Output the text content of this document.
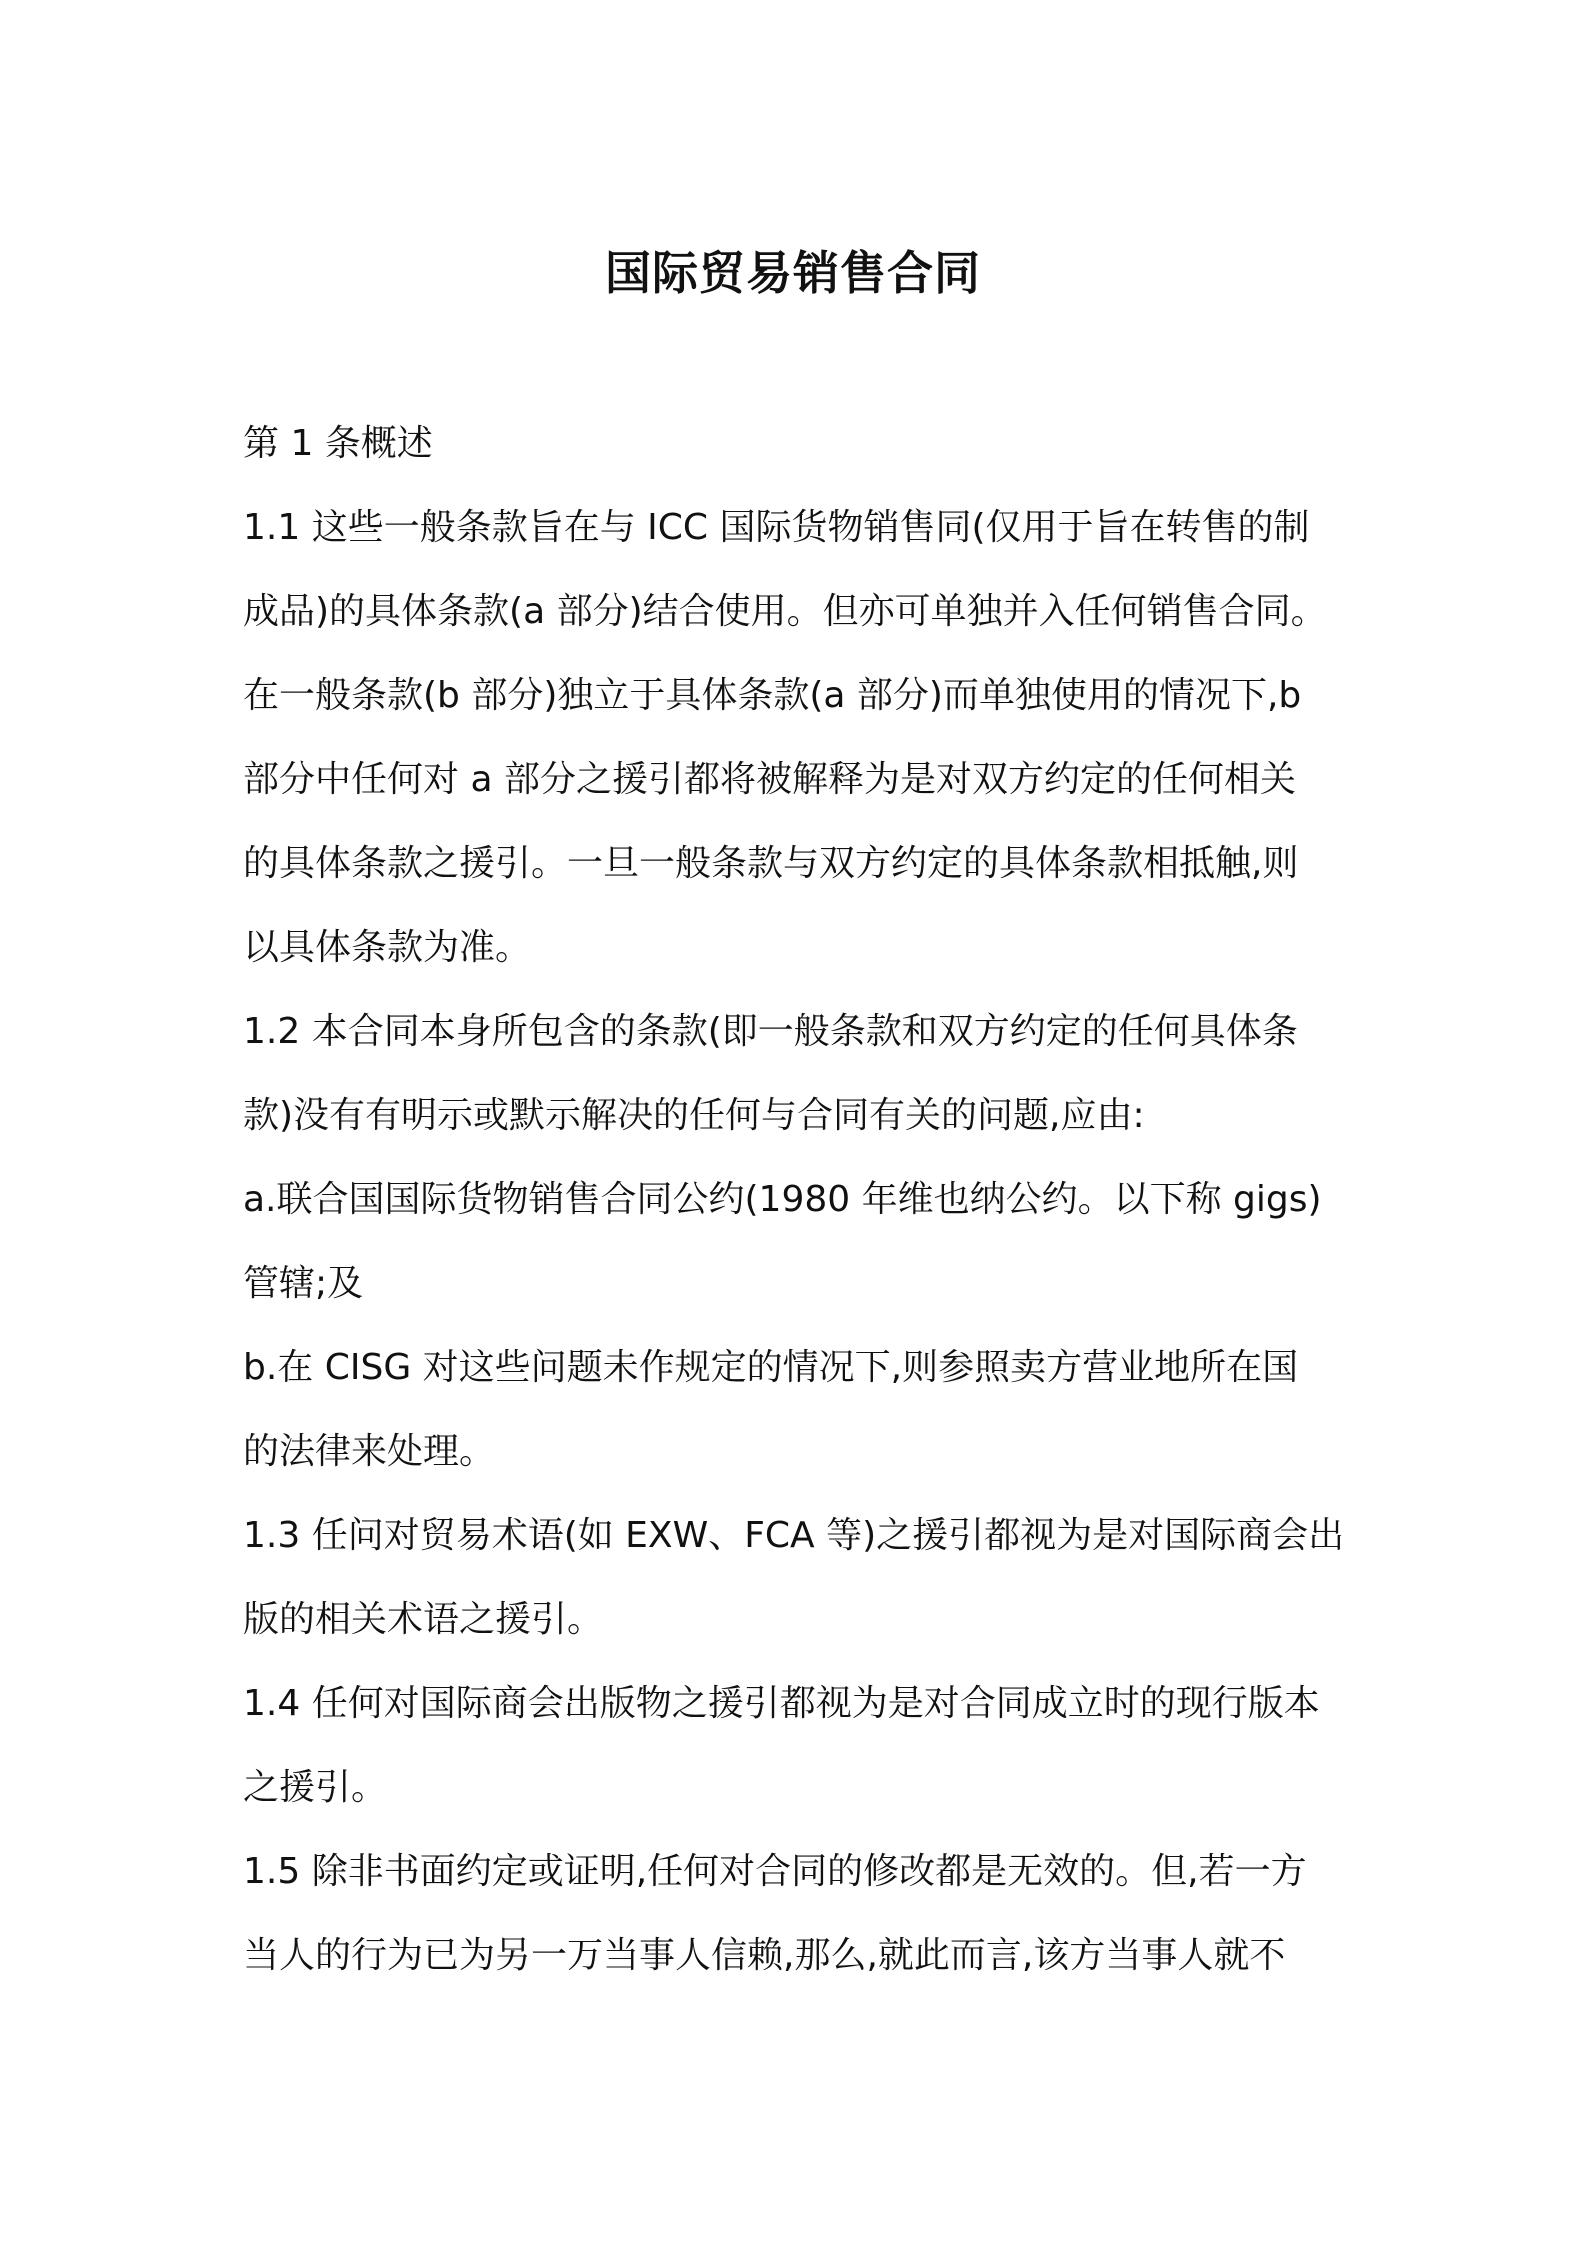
国际贸易销售合同

第 1 条概述

1.1 这些一般条款旨在与 ICC 国际货物销售同(仅用于旨在转售的制

成品)的具体条款(a 部分)结合使用。但亦可单独并入任何销售合同。

在一般条款(b 部分)独立于具体条款(a 部分)而单独使用的情况下,b

部分中任何对 a 部分之援引都将被解释为是对双方约定的任何相关

的具体条款之援引。一旦一般条款与双方约定的具体条款相抵触,则

以具体条款为准。

1.2 本合同本身所包含的条款(即一般条款和双方约定的任何具体条

款)没有有明示或默示解决的任何与合同有关的问题,应由:

a.联合国国际货物销售合同公约(1980 年维也纳公约。以下称 gigs)

管辖;及

b.在 CISG 对这些问题未作规定的情况下,则参照卖方营业地所在国

的法律来处理。

1.3 任问对贸易术语(如 EXW、FCA 等)之援引都视为是对国际商会出

版的相关术语之援引。

1.4 任何对国际商会出版物之援引都视为是对合同成立时的现行版本

之援引。

1.5 除非书面约定或证明,任何对合同的修改都是无效的。但,若一方

当人的行为已为另一万当事人信赖,那么,就此而言,该方当事人就不
